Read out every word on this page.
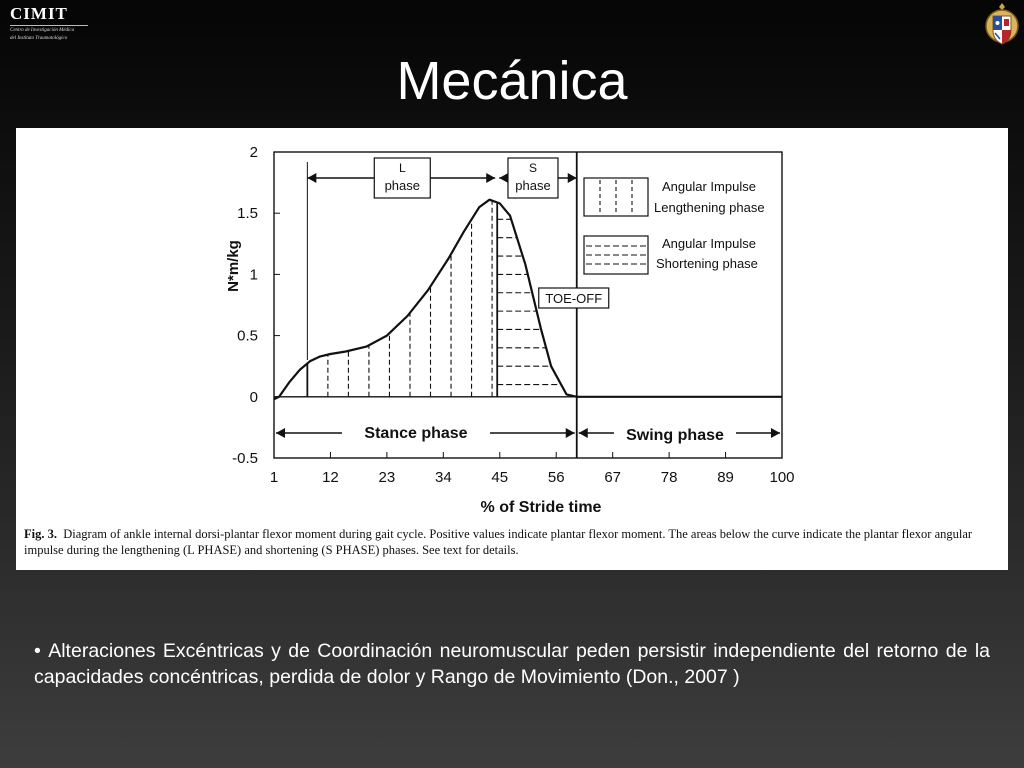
CIMIT
Centro de Investigación Médica
del Instituto Traumatológico
Mecánica
2
1.5
1
0.5
0
-0.5
1	12	23	34	45	56	67	78	89 100
L
phase
S
phase
TOE-OFF
Stance phase	Swing phase
Angular Impulse
Lengthening phase
Angular Impulse
Shortening phase
N*m/kg
% of Stride time
Fig. 3. Diagram of ankle internal dorsi-plantar flexor moment during gait cycle. Positive values indicate plantar flexor moment. The areas below the curve indicate the plantar flexor angular impulse during the lengthening (L PHASE) and shortening (S PHASE) phases. See text for details.
• Alteraciones Excéntricas y de Coordinación neuromuscular peden persistir independiente del retorno de la capacidades concéntricas, perdida de dolor y Rango de Movimiento (Don., 2007 )
